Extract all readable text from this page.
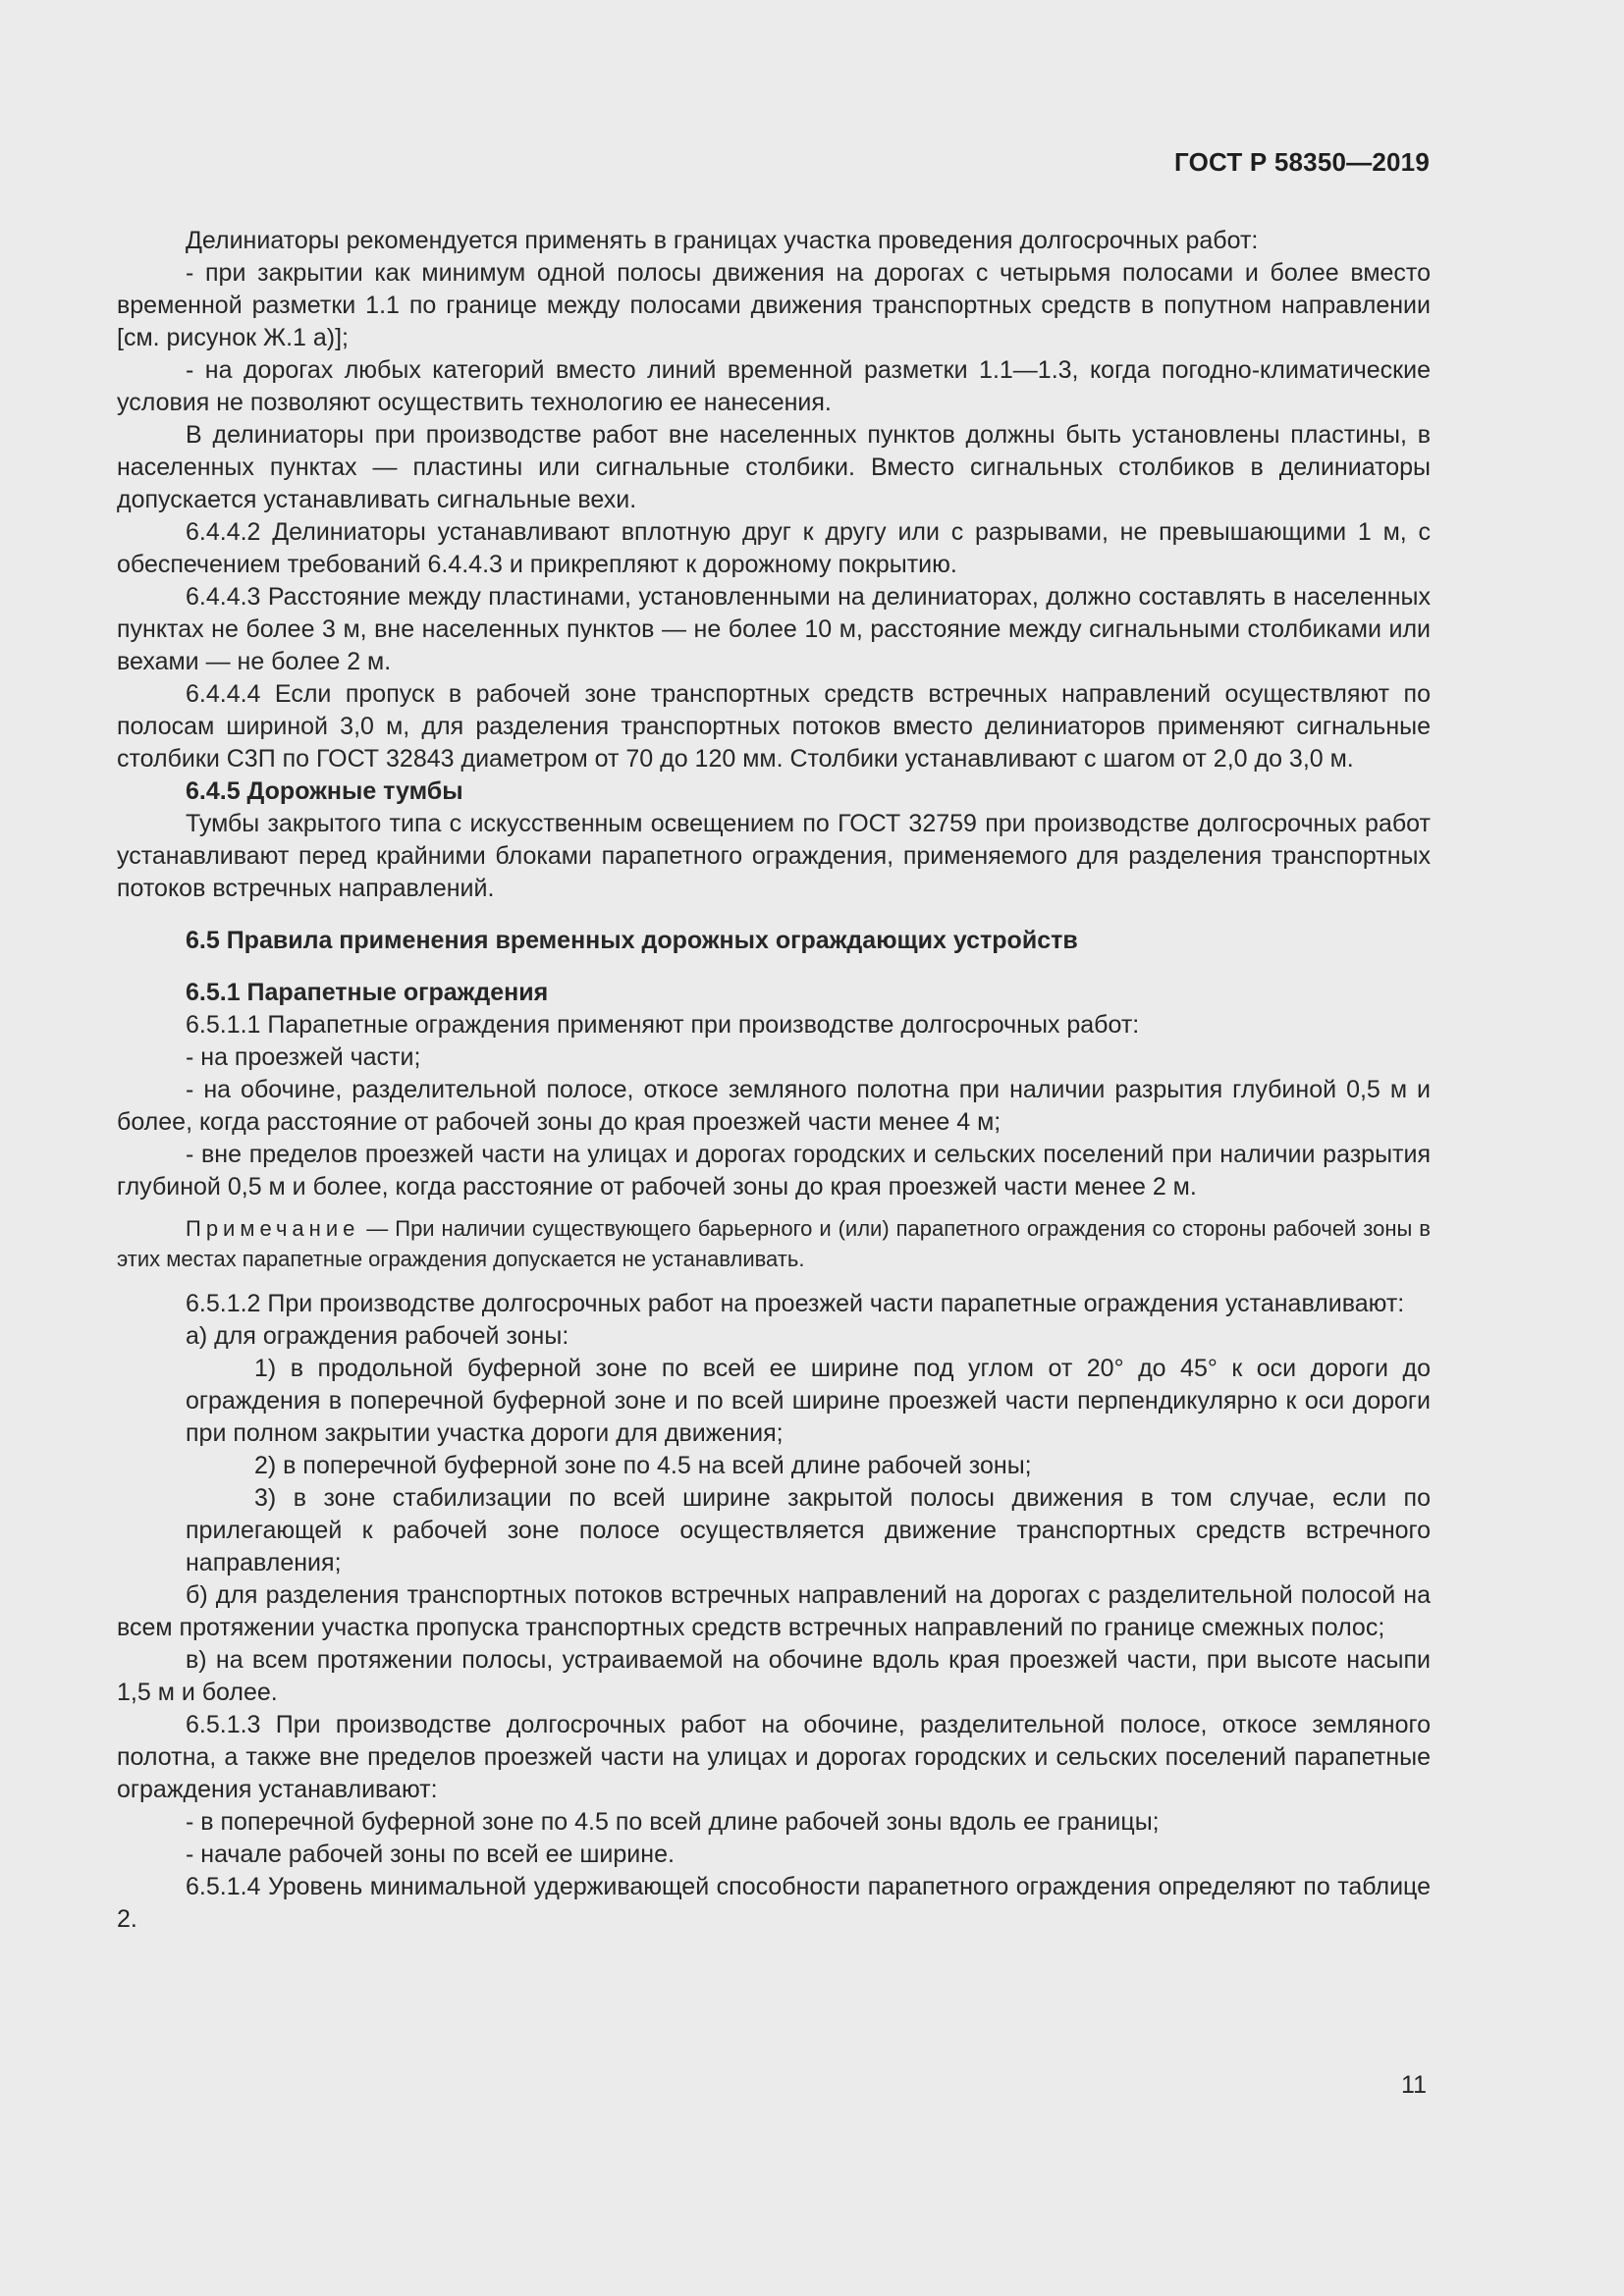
ГОСТ Р 58350—2019

Делиниаторы рекомендуется применять в границах участка проведения долгосрочных работ:

- при закрытии как минимум одной полосы движения на дорогах с четырьмя полосами и более вместо временной разметки 1.1 по границе между полосами движения транспортных средств в попутном направлении [см. рисунок Ж.1 а)];

- на дорогах любых категорий вместо линий временной разметки 1.1—1.3, когда погодно-климатические условия не позволяют осуществить технологию ее нанесения.

В делиниаторы при производстве работ вне населенных пунктов должны быть установлены пластины, в населенных пунктах — пластины или сигнальные столбики. Вместо сигнальных столбиков в делиниаторы допускается устанавливать сигнальные вехи.

6.4.4.2 Делиниаторы устанавливают вплотную друг к другу или с разрывами, не превышающими 1 м, с обеспечением требований 6.4.4.3 и прикрепляют к дорожному покрытию.

6.4.4.3 Расстояние между пластинами, установленными на делиниаторах, должно составлять в населенных пунктах не более 3 м, вне населенных пунктов — не более 10 м, расстояние между сигнальными столбиками или вехами — не более 2 м.

6.4.4.4 Если пропуск в рабочей зоне транспортных средств встречных направлений осуществляют по полосам шириной 3,0 м, для разделения транспортных потоков вместо делиниаторов применяют сигнальные столбики С3П по ГОСТ 32843 диаметром от 70 до 120 мм. Столбики устанавливают с шагом от 2,0 до 3,0 м.

6.4.5 Дорожные тумбы

Тумбы закрытого типа с искусственным освещением по ГОСТ 32759 при производстве долгосрочных работ устанавливают перед крайними блоками парапетного ограждения, применяемого для разделения транспортных потоков встречных направлений.

6.5 Правила применения временных дорожных ограждающих устройств

6.5.1 Парапетные ограждения

6.5.1.1 Парапетные ограждения применяют при производстве долгосрочных работ:

- на проезжей части;

- на обочине, разделительной полосе, откосе земляного полотна при наличии разрытия глубиной 0,5 м и более, когда расстояние от рабочей зоны до края проезжей части менее 4 м;

- вне пределов проезжей части на улицах и дорогах городских и сельских поселений при наличии разрытия глубиной 0,5 м и более, когда расстояние от рабочей зоны до края проезжей части менее 2 м.

Примечание — При наличии существующего барьерного и (или) парапетного ограждения со стороны рабочей зоны в этих местах парапетные ограждения допускается не устанавливать.

6.5.1.2 При производстве долгосрочных работ на проезжей части парапетные ограждения устанавливают:

а) для ограждения рабочей зоны:

1) в продольной буферной зоне по всей ее ширине под углом от 20° до 45° к оси дороги до ограждения в поперечной буферной зоне и по всей ширине проезжей части перпендикулярно к оси дороги при полном закрытии участка дороги для движения;

2) в поперечной буферной зоне по 4.5 на всей длине рабочей зоны;

3) в зоне стабилизации по всей ширине закрытой полосы движения в том случае, если по прилегающей к рабочей зоне полосе осуществляется движение транспортных средств встречного направления;

б) для разделения транспортных потоков встречных направлений на дорогах с разделительной полосой на всем протяжении участка пропуска транспортных средств встречных направлений по границе смежных полос;

в) на всем протяжении полосы, устраиваемой на обочине вдоль края проезжей части, при высоте насыпи 1,5 м и более.

6.5.1.3 При производстве долгосрочных работ на обочине, разделительной полосе, откосе земляного полотна, а также вне пределов проезжей части на улицах и дорогах городских и сельских поселений парапетные ограждения устанавливают:

- в поперечной буферной зоне по 4.5 по всей длине рабочей зоны вдоль ее границы;

- начале рабочей зоны по всей ее ширине.

6.5.1.4 Уровень минимальной удерживающей способности парапетного ограждения определяют по таблице 2.

11
